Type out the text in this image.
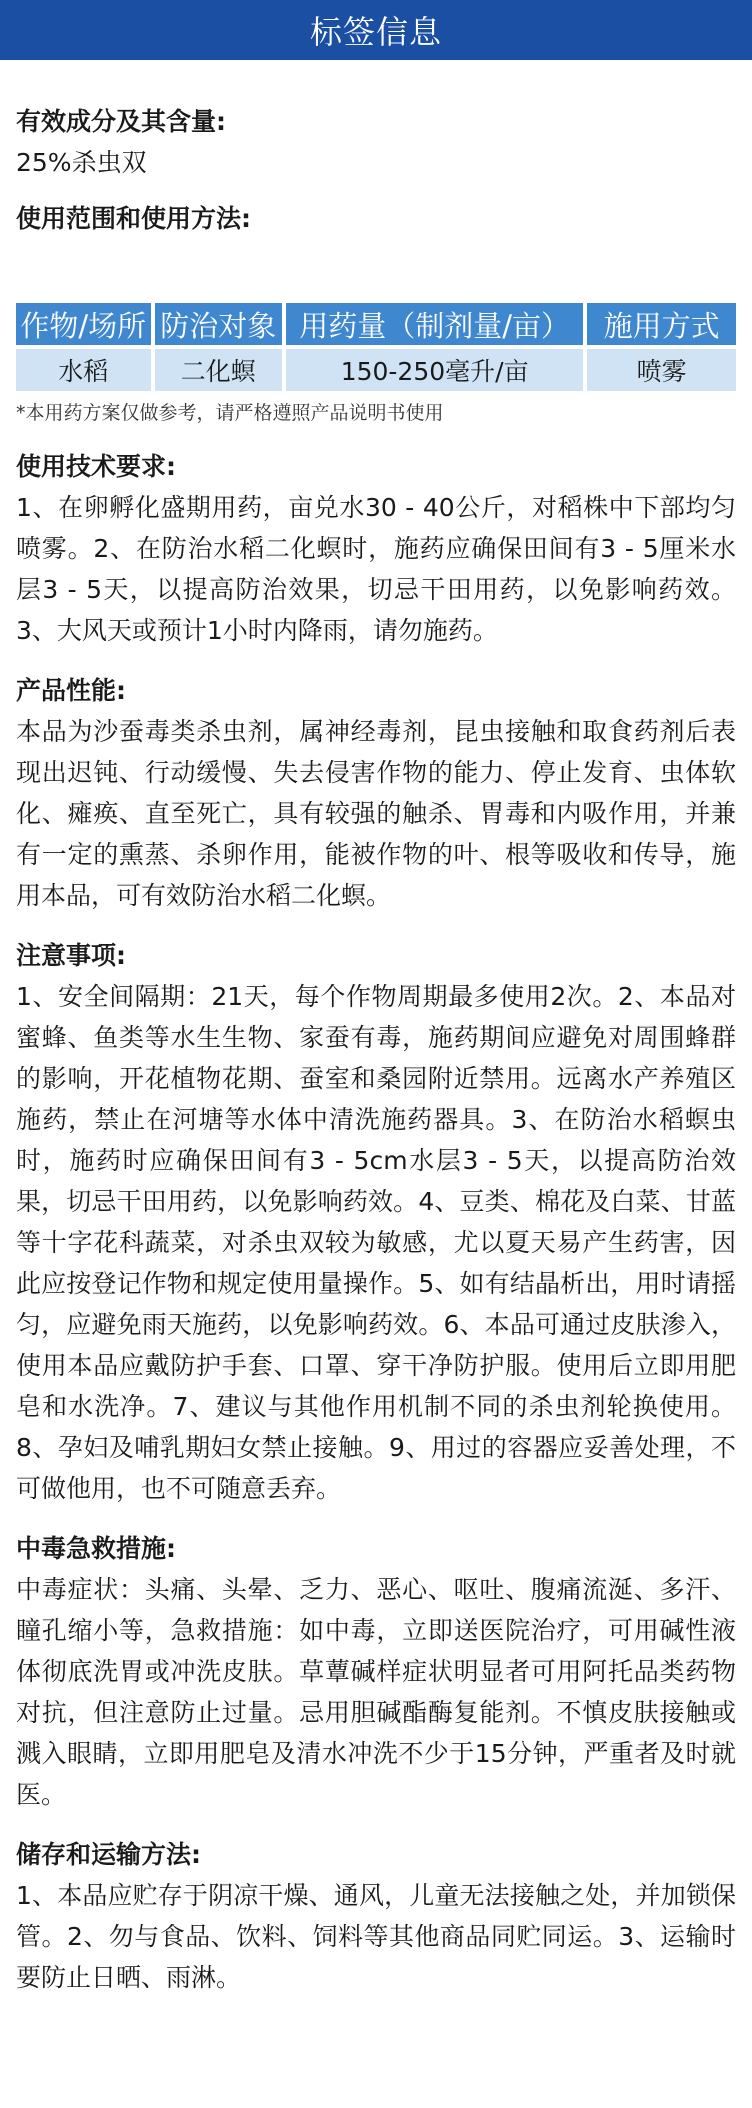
标签信息

有效成分及其含量:

25%杀虫双

使用范围和使用方法:

作物/场所	防治对象	用药量（制剂量/亩）	施用方式
水稻	二化螟	150-250毫升/亩	喷雾

*本用药方案仅做参考，请严格遵照产品说明书使用

使用技术要求:

1、在卵孵化盛期用药，亩兑水30 - 40公斤，对稻株中下部均匀喷雾。2、在防治水稻二化螟时，施药应确保田间有3 - 5厘米水层3 - 5天，以提高防治效果，切忌干田用药，以免影响药效。3、大风天或预计1小时内降雨，请勿施药。

产品性能:

本品为沙蚕毒类杀虫剂，属神经毒剂，昆虫接触和取食药剂后表现出迟钝、行动缓慢、失去侵害作物的能力、停止发育、虫体软化、瘫痪、直至死亡，具有较强的触杀、胃毒和内吸作用，并兼有一定的熏蒸、杀卵作用，能被作物的叶、根等吸收和传导，施用本品，可有效防治水稻二化螟。

注意事项:

1、安全间隔期：21天，每个作物周期最多使用2次。2、本品对蜜蜂、鱼类等水生生物、家蚕有毒，施药期间应避免对周围蜂群的影响，开花植物花期、蚕室和桑园附近禁用。远离水产养殖区施药，禁止在河塘等水体中清洗施药器具。3、在防治水稻螟虫时，施药时应确保田间有3 - 5cm水层3 - 5天，以提高防治效果，切忌干田用药，以免影响药效。4、豆类、棉花及白菜、甘蓝等十字花科蔬菜，对杀虫双较为敏感，尤以夏天易产生药害，因此应按登记作物和规定使用量操作。5、如有结晶析出，用时请摇匀，应避免雨天施药，以免影响药效。6、本品可通过皮肤渗入，使用本品应戴防护手套、口罩、穿干净防护服。使用后立即用肥皂和水洗净。7、建议与其他作用机制不同的杀虫剂轮换使用。8、孕妇及哺乳期妇女禁止接触。9、用过的容器应妥善处理，不可做他用，也不可随意丢弃。

中毒急救措施:

中毒症状：头痛、头晕、乏力、恶心、呕吐、腹痛流涎、多汗、瞳孔缩小等，急救措施：如中毒，立即送医院治疗，可用碱性液体彻底洗胃或冲洗皮肤。草蕈碱样症状明显者可用阿托品类药物对抗，但注意防止过量。忌用胆碱酯酶复能剂。不慎皮肤接触或溅入眼睛，立即用肥皂及清水冲洗不少于15分钟，严重者及时就医。

储存和运输方法:

1、本品应贮存于阴凉干燥、通风，儿童无法接触之处，并加锁保管。2、勿与食品、饮料、饲料等其他商品同贮同运。3、运输时要防止日晒、雨淋。
